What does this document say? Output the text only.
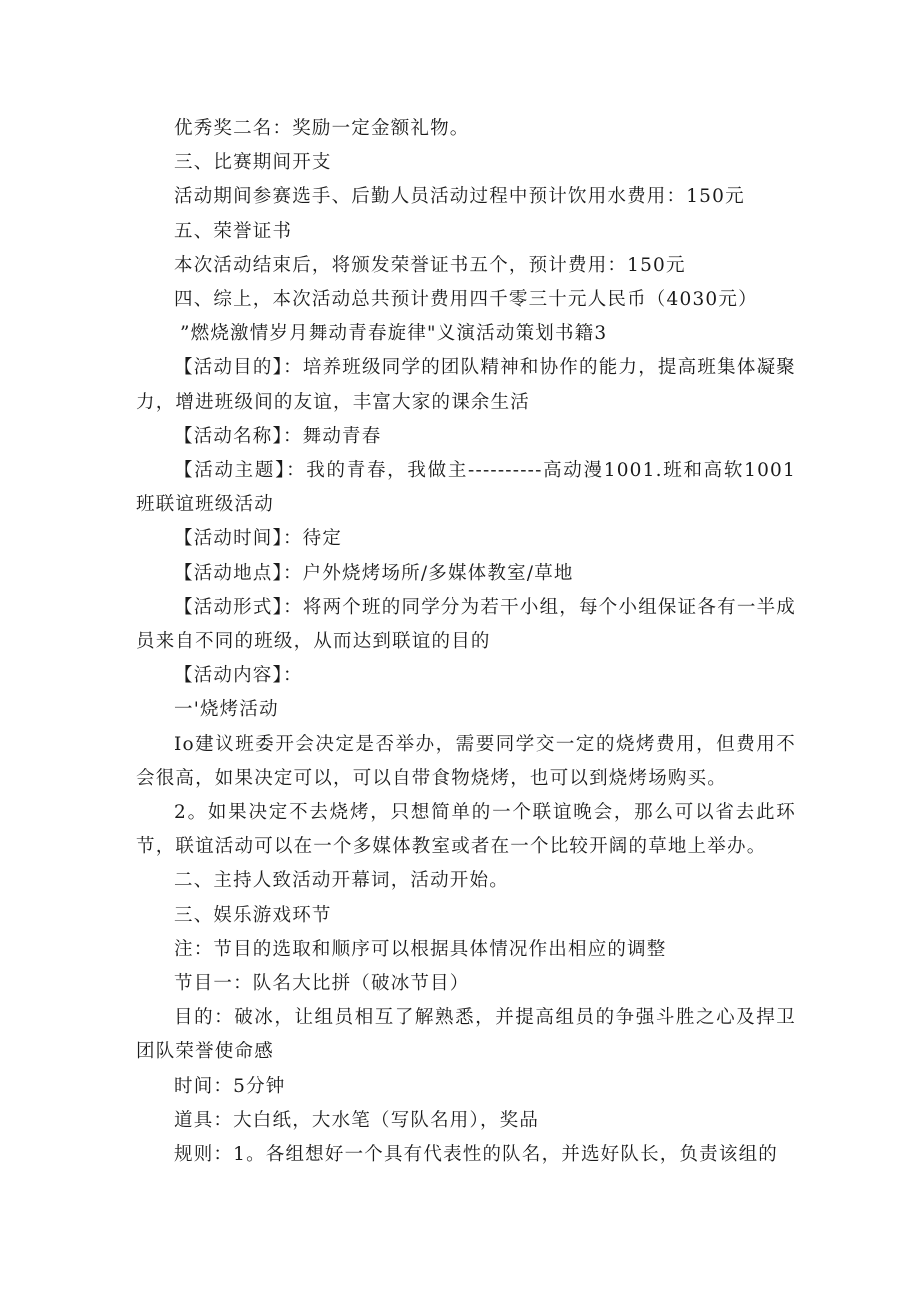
优秀奖二名：奖励一定金额礼物。

三、比赛期间开支

活动期间参赛选手、后勤人员活动过程中预计饮用水费用：150元

五、荣誉证书

本次活动结束后，将颁发荣誉证书五个，预计费用：150元

四、综上，本次活动总共预计费用四千零三十元人民币（4030元）

”燃烧激情岁月舞动青春旋律"义演活动策划书籍3

【活动目的】：培养班级同学的团队精神和协作的能力，提高班集体凝聚力，增进班级间的友谊，丰富大家的课余生活

【活动名称】：舞动青春

【活动主题】：我的青春，我做主----------高动漫1001.班和高软1001班联谊班级活动

【活动时间】：待定

【活动地点】：户外烧烤场所/多媒体教室/草地

【活动形式】：将两个班的同学分为若干小组，每个小组保证各有一半成员来自不同的班级，从而达到联谊的目的

【活动内容】：

一'烧烤活动

Io建议班委开会决定是否举办，需要同学交一定的烧烤费用，但费用不会很高，如果决定可以，可以自带食物烧烤，也可以到烧烤场购买。

2。如果决定不去烧烤，只想简单的一个联谊晚会，那么可以省去此环节，联谊活动可以在一个多媒体教室或者在一个比较开阔的草地上举办。

二、主持人致活动开幕词，活动开始。

三、娱乐游戏环节

注：节目的选取和顺序可以根据具体情况作出相应的调整

节目一：队名大比拼（破冰节目）

目的：破冰，让组员相互了解熟悉，并提高组员的争强斗胜之心及捍卫团队荣誉使命感

时间：5分钟

道具：大白纸，大水笔（写队名用），奖品

规则：1。各组想好一个具有代表性的队名，并选好队长，负责该组的
